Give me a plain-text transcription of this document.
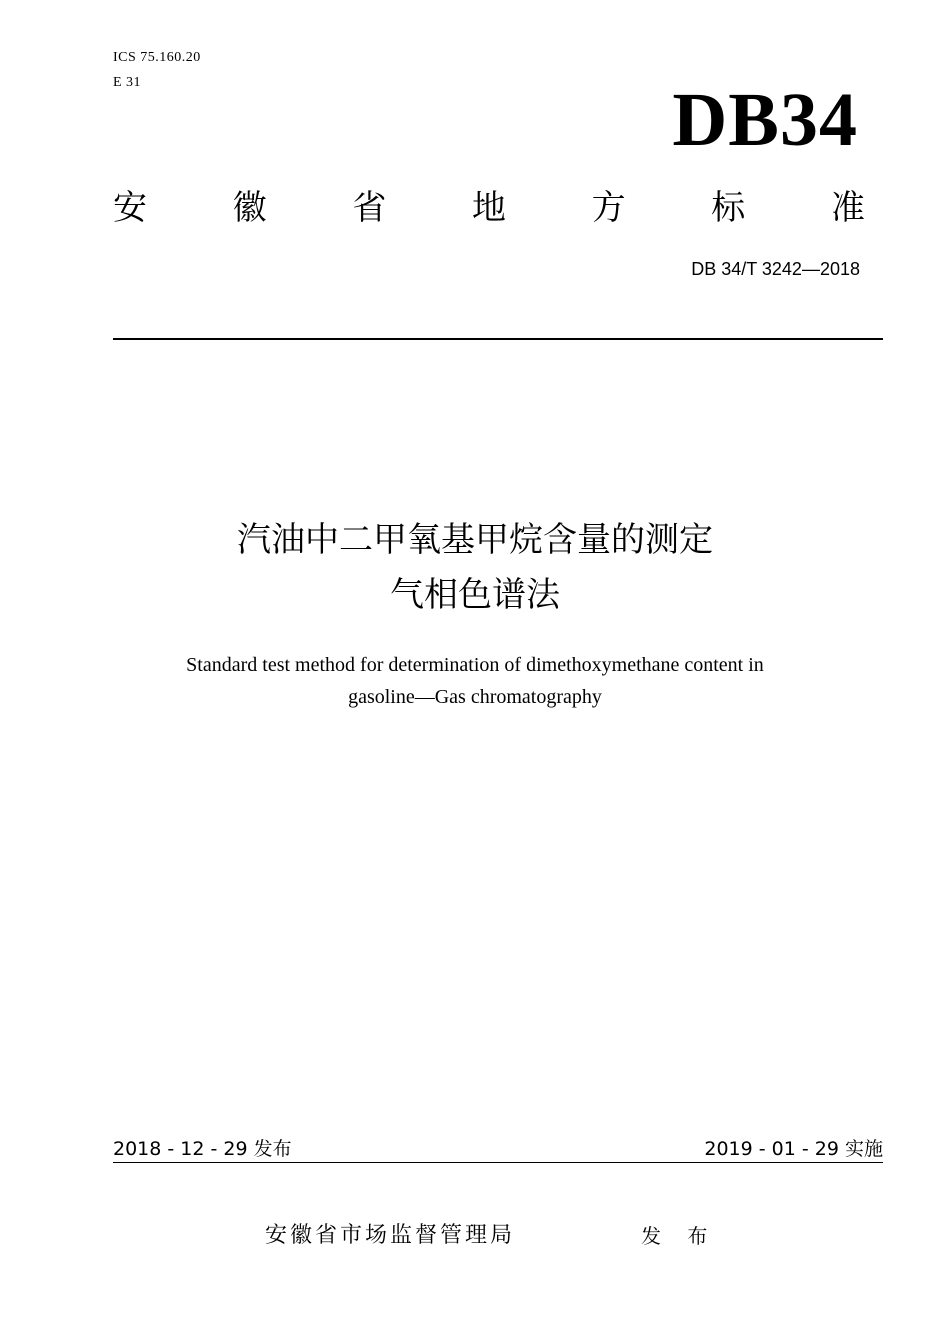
ICS 75.160.20
E 31	DB34
安	徽	省	地	方	标	准
DB 34/T 3242—2018
汽油中二甲氧基甲烷含量的测定
气相色谱法
Standard test method for determination of dimethoxymethane content in
gasoline—Gas chromatography
2018 - 12 - 29 发布	2019 - 01 - 29 实施
安徽省市场监督管理局	发 布
